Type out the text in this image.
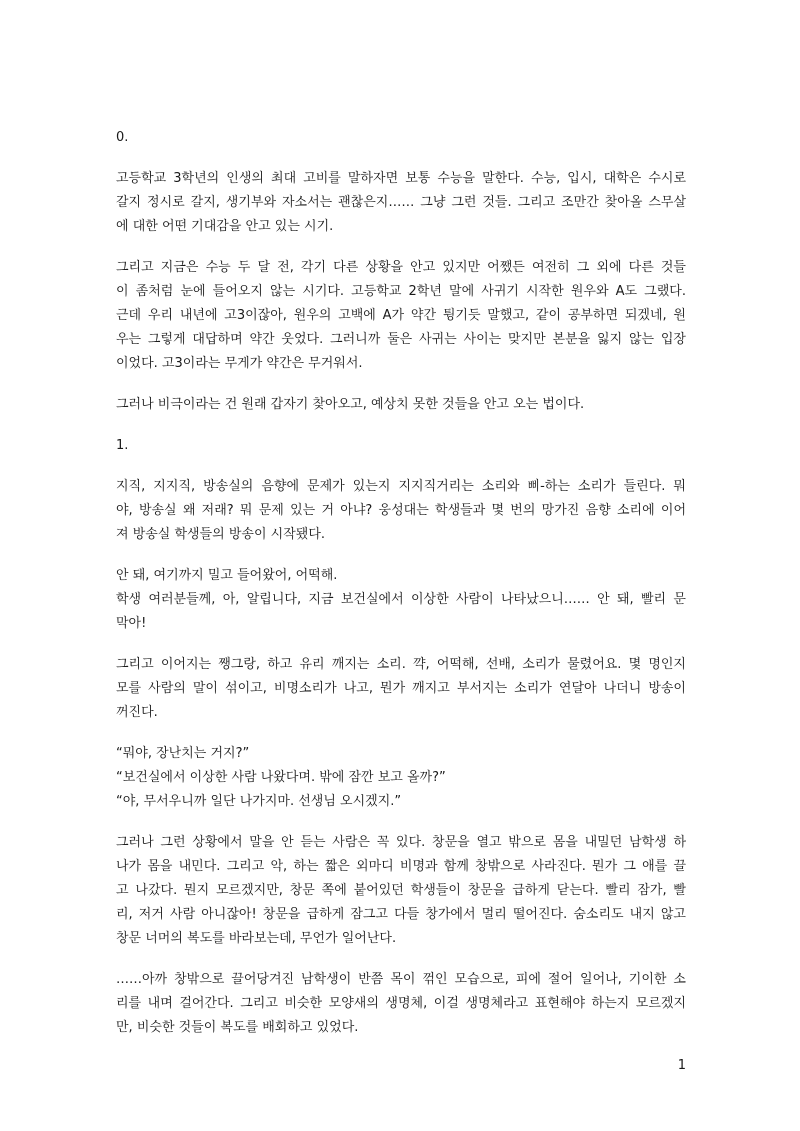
0.
고등학교 3학년의 인생의 최대 고비를 말하자면 보통 수능을 말한다. 수능, 입시, 대학은 수시로
갈지 정시로 갈지, 생기부와 자소서는 괜찮은지…… 그냥 그런 것들. 그리고 조만간 찾아올 스무살
에 대한 어떤 기대감을 안고 있는 시기.
그리고 지금은 수능 두 달 전, 각기 다른 상황을 안고 있지만 어쨌든 여전히 그 외에 다른 것들
이 좀처럼 눈에 들어오지 않는 시기다. 고등학교 2학년 말에 사귀기 시작한 원우와 A도 그랬다.
근데 우리 내년에 고3이잖아, 원우의 고백에 A가 약간 튕기듯 말했고, 같이 공부하면 되겠네, 원
우는 그렇게 대답하며 약간 웃었다. 그러니까 둘은 사귀는 사이는 맞지만 본분을 잃지 않는 입장
이었다. 고3이라는 무게가 약간은 무거워서.
그러나 비극이라는 건 원래 갑자기 찾아오고, 예상치 못한 것들을 안고 오는 법이다.
1.
지직, 지지직, 방송실의 음향에 문제가 있는지 지지직거리는 소리와 삐-하는 소리가 들린다. 뭐
야, 방송실 왜 저래? 뭐 문제 있는 거 아냐? 웅성대는 학생들과 몇 번의 망가진 음향 소리에 이어
져 방송실 학생들의 방송이 시작됐다.
안 돼, 여기까지 밀고 들어왔어, 어떡해.
학생 여러분들께, 아, 알립니다, 지금 보건실에서 이상한 사람이 나타났으니…… 안 돼, 빨리 문
막아!
그리고 이어지는 쨍그랑, 하고 유리 깨지는 소리. 꺅, 어떡해, 선배, 소리가 물렸어요. 몇 명인지
모를 사람의 말이 섞이고, 비명소리가 나고, 뭔가 깨지고 부서지는 소리가 연달아 나더니 방송이
꺼진다.
“뭐야, 장난치는 거지?”
“보건실에서 이상한 사람 나왔다며. 밖에 잠깐 보고 올까?”
“야, 무서우니까 일단 나가지마. 선생님 오시겠지.”
그러나 그런 상황에서 말을 안 듣는 사람은 꼭 있다. 창문을 열고 밖으로 몸을 내밀던 남학생 하
나가 몸을 내민다. 그리고 악, 하는 짧은 외마디 비명과 함께 창밖으로 사라진다. 뭔가 그 애를 끌
고 나갔다. 뭔지 모르겠지만, 창문 쪽에 붙어있던 학생들이 창문을 급하게 닫는다. 빨리 잠가, 빨
리, 저거 사람 아니잖아! 창문을 급하게 잠그고 다들 창가에서 멀리 떨어진다. 숨소리도 내지 않고
창문 너머의 복도를 바라보는데, 무언가 일어난다.
……아까 창밖으로 끌어당겨진 남학생이 반쯤 목이 꺾인 모습으로, 피에 절어 일어나, 기이한 소
리를 내며 걸어간다. 그리고 비슷한 모양새의 생명체, 이걸 생명체라고 표현해야 하는지 모르겠지
만, 비슷한 것들이 복도를 배회하고 있었다.
1
